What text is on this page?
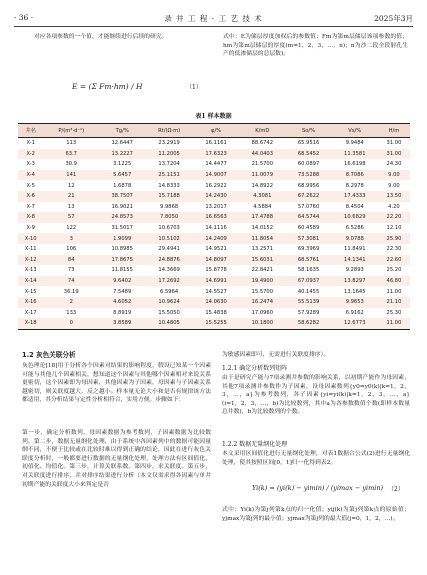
· 36 ·	录 井 工 程 · 工 艺 技 术	2025年3月
对应各项参数的一个值，才能继续进行后续的研究。
E = (Σ Fm·hm) / H	（1）
式中：E为储层厚度加权后的参数值；Fm为第m层储层该项参数的值；hm为第m层储层的厚度(m=1，2，3，…，n)；n为沙二段全段射孔生产的低渗储层的总层数)。
表1 样本数据
井名	P/(m³·d⁻¹)	Tg/%	Rt/(Ω·m)	φ/%	K/mD	So/%	Vs/%	H/m
X-1	113	12.6447	23.2919	16.1161	88.6742	65.9516	9.9484	31.00
X-2	63.7	13.2227	11.2005	17.6323	44.0403	68.5452	11.3581	31.00
X-3	30.9	3.1225	13.7204	14.4477	21.5700	60.0897	16.6198	24.30
X-4	141	5.6457	25.1151	14.9007	11.0079	73.5288	8.7086	9.00
X-5	12	1.6878	14.8333	16.2922	14.8922	68.9956	8.2978	9.00
X-6	21	38.7507	15.7188	14.2430	4.3081	67.2622	17.4333	13.50
X-7	13	16.9021	9.9868	13.2017	4.5884	57.0760	8.4504	4.20
X-8	57	24.8573	7.8050	16.6563	17.4788	64.5744	10.6829	22.20
X-9	122	31.5017	10.6703	14.1116	14.0152	60.4589	6.5286	12.10
X-10	3	1.9099	10.5102	14.2409	11.8054	57.3081	9.0788	25.90
X-11	106	10.8985	29.4941	14.9521	13.2571	69.3969	11.8491	22.30
X-12	84	17.8675	24.8876	14.8097	15.6031	68.5761	14.1341	22.60
X-13	73	11.8155	14.3669	15.8778	22.8421	58.1635	9.2893	25.20
X-14	74	9.6402	17.2692	14.6991	19.4900	67.0937	13.8297	46.80
X-15	36.19	7.5489	6.5964	14.5527	15.5700	40.1455	13.1645	11.00
X-16	2	4.6052	10.9624	14.0630	16.2474	55.5139	9.9653	21.10
X-17	133	8.8919	15.5050	15.4838	17.0960	57.9289	6.9162	25.30
X-18	0	3.8589	10.4805	15.5255	10.1800	58.6282	12.6773	11.00
1.2 灰色关联分析
灰色理论[18]用于分析各个因素对结果的影响程度，假设已知某一个因素可能与其他几个因素相关，想知道这个因素与其他哪个因素相对来说关系更密切，这个因素即为母因素，其他因素为子因素，母因素与子因素关系越密切，则关联度越大，反之越小。样本量无论大小和是否有规律该方法都适用，其分析结果与定性分析相符合，实用方便。步骤如下：
第一步，确定分析数列，母因素数据为参考数列，子因素数据为比较数列。第二步，数据无量纲化处理，由于系统中各因素列中的数据可能因量纲不同，不便于比较或在比较时难以得到正确的结论，因此在进行灰色关联度分析时，一般都要进行数据的无量纲化处理，处理方法有区间值化、初值化、均值化。第三步，计算关联系数。第四步，求关联度。第五步，对关联度进行排序，并对排序结果进行分析（本文仅需求得各因素与单井初期产能的关联度大小来判定是否
为敏感因素即可，无需进行关联度排序）。
1.2.1 确定分析数列矩阵
由于是研究产能与7项录测井参数的影响关系，以初期产能作为母因素，其他7项录测井参数作为子因素，设母因素数列{y0=y0(k)|k=1，2，3，…，a}为参考数列，各子因素{yi=yi(k)|k=1，2，3，…，a}(i=1，2，3，…，b)为比较数列，其中a为各参数数值个数(即样本数量总井数)，b为比较数列的个数。
1.2.2 数据无量纲化处理
本文采用区间值化进行无量纲化处理，对表1数据合公式(2)进行无量纲化处理，使其按照区间[0，1]归一化得到表2。
Yi(k) = (yi(k) − yimin) / (yimax − yimin) （2）
式中：Yi(k)为第j列第k点的归一化值；yij(k)为第j列第k点的原始值；yjmax为第j列的最小值；yjmax为第j列的最大值(j=0，1，2，…)。
